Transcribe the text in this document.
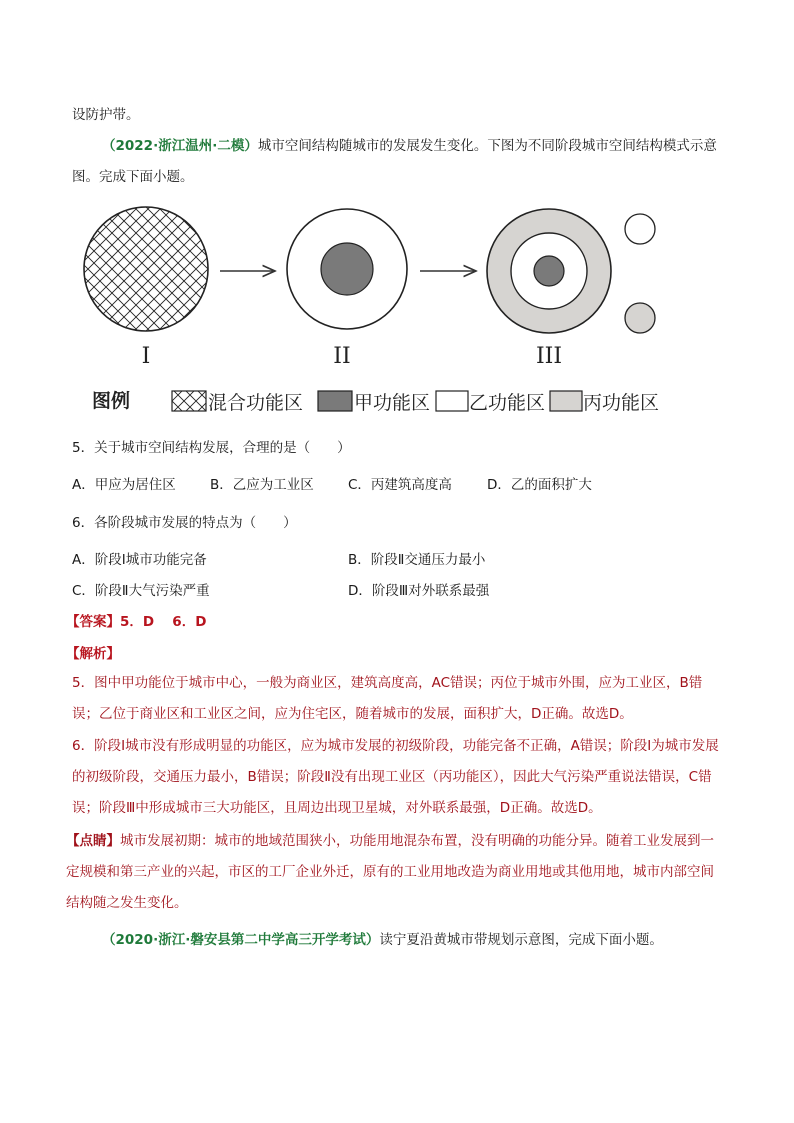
设防护带。
（2022·浙江温州·二模）城市空间结构随城市的发展发生变化。下图为不同阶段城市空间结构模式示意
图。完成下面小题。
I	II	III
图例	混合功能区	甲功能区 乙功能区 丙功能区
5．关于城市空间结构发展，合理的是（　　）
A．甲应为居住区	B．乙应为工业区	C．丙建筑高度高	D．乙的面积扩大
6．各阶段城市发展的特点为（　　）
A．阶段Ⅰ城市功能完备	B．阶段Ⅱ交通压力最小
C．阶段Ⅱ大气污染严重	D．阶段Ⅲ对外联系最强
【答案】5．D　 6．D
【解析】
5．图中甲功能位于城市中心，一般为商业区，建筑高度高，AC错误；丙位于城市外围，应为工业区，B错误；乙位于商业区和工业区之间，应为住宅区，随着城市的发展，面积扩大，D正确。故选D。
6．阶段Ⅰ城市没有形成明显的功能区，应为城市发展的初级阶段，功能完备不正确，A错误；阶段Ⅰ为城市发展的初级阶段，交通压力最小，B错误；阶段Ⅱ没有出现工业区（丙功能区），因此大气污染严重说法错误，C错误；阶段Ⅲ中形成城市三大功能区，且周边出现卫星城，对外联系最强，D正确。故选D。
【点睛】城市发展初期：城市的地域范围狭小，功能用地混杂布置，没有明确的功能分异。随着工业发展到一定规模和第三产业的兴起，市区的工厂企业外迁，原有的工业用地改造为商业用地或其他用地，城市内部空间结构随之发生变化。
（2020·浙江·磐安县第二中学高三开学考试）读宁夏沿黄城市带规划示意图，完成下面小题。
